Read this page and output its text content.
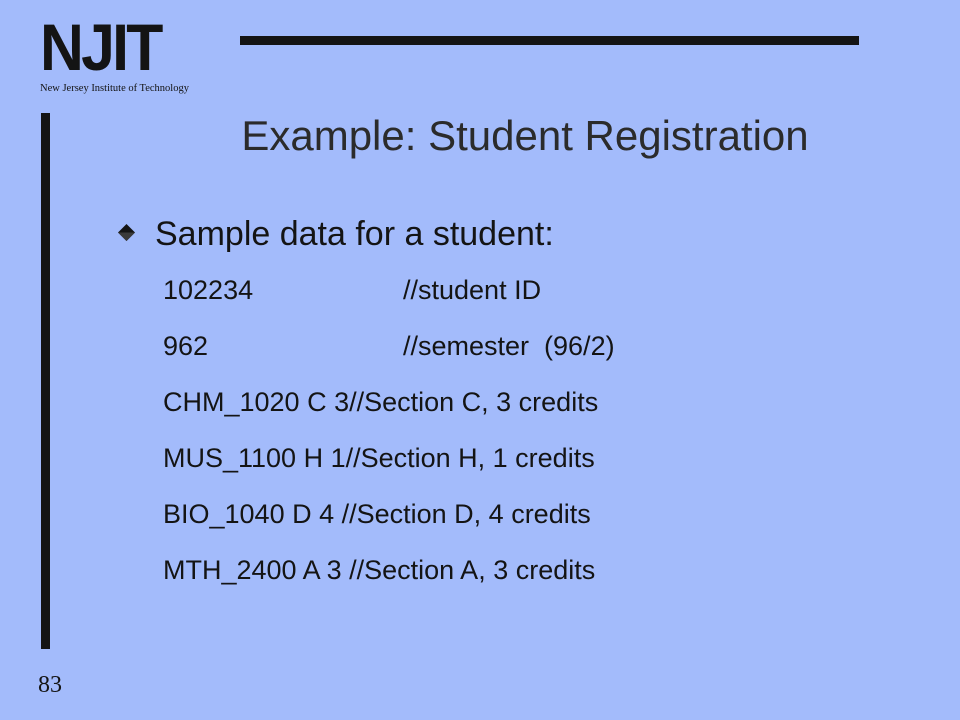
NJIT
New Jersey Institute of Technology
Example: Student Registration
Sample data for a student:
102234	//student ID
962	//semester  (96/2)
CHM_1020 C 3//Section C, 3 credits
MUS_1100 H 1//Section H, 1 credits
BIO_1040 D 4 //Section D, 4 credits
MTH_2400 A 3 //Section A, 3 credits
83
